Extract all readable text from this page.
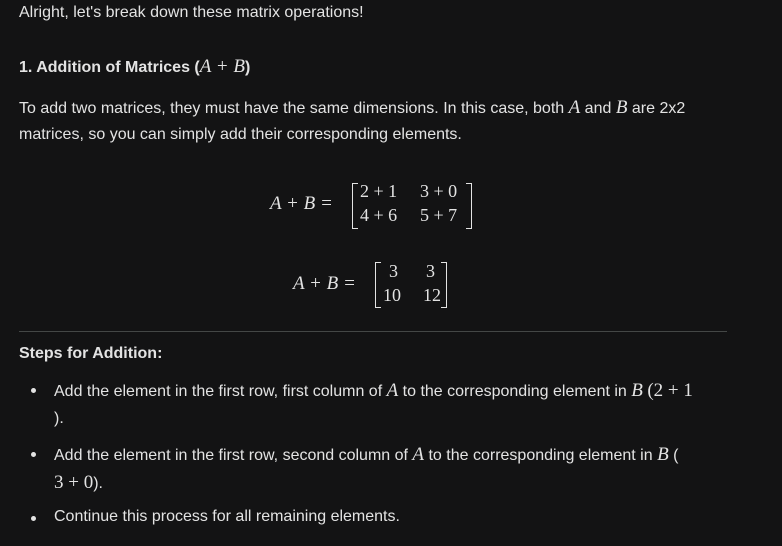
Alright, let's break down these matrix operations!
1. Addition of Matrices (A + B)
To add two matrices, they must have the same dimensions. In this case, both A and B are 2x2
matrices, so you can simply add their corresponding elements.
A + B =
2 + 1 3 + 0
4 + 6 5 + 7
A + B =
3 3
10 12
Steps for Addition:
Add the element in the first row, first column of A to the corresponding element in B (2 + 1
).
Add the element in the first row, second column of A to the corresponding element in B (
3 + 0).
Continue this process for all remaining elements.
